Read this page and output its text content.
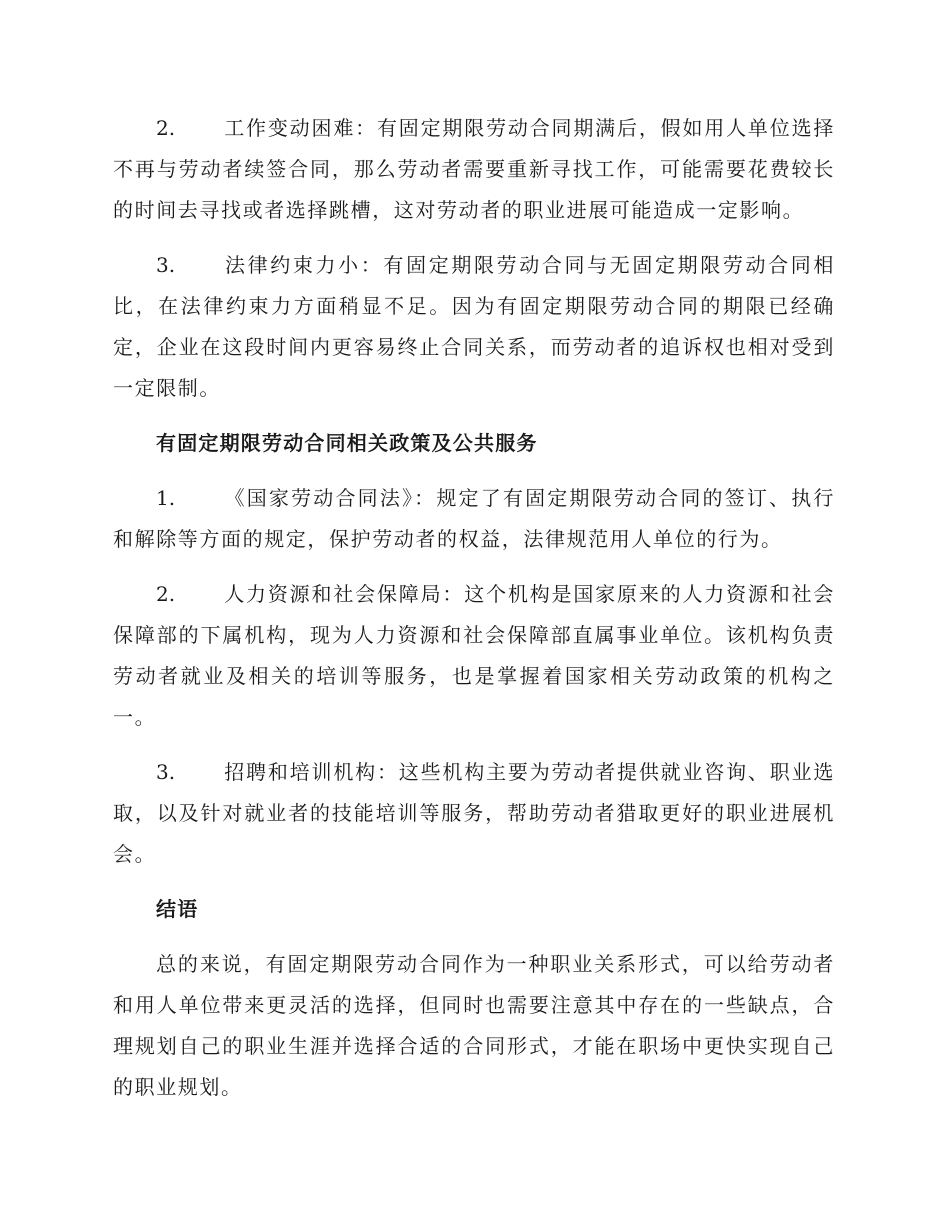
2. 工作变动困难：有固定期限劳动合同期满后，假如用人单位选择不再与劳动者续签合同，那么劳动者需要重新寻找工作，可能需要花费较长的时间去寻找或者选择跳槽，这对劳动者的职业进展可能造成一定影响。

3. 法律约束力小：有固定期限劳动合同与无固定期限劳动合同相比，在法律约束力方面稍显不足。因为有固定期限劳动合同的期限已经确定，企业在这段时间内更容易终止合同关系，而劳动者的追诉权也相对受到一定限制。

有固定期限劳动合同相关政策及公共服务

1. 《国家劳动合同法》：规定了有固定期限劳动合同的签订、执行和解除等方面的规定，保护劳动者的权益，法律规范用人单位的行为。

2. 人力资源和社会保障局：这个机构是国家原来的人力资源和社会保障部的下属机构，现为人力资源和社会保障部直属事业单位。该机构负责劳动者就业及相关的培训等服务，也是掌握着国家相关劳动政策的机构之一。

3. 招聘和培训机构：这些机构主要为劳动者提供就业咨询、职业选取，以及针对就业者的技能培训等服务，帮助劳动者猎取更好的职业进展机会。

结语

总的来说，有固定期限劳动合同作为一种职业关系形式，可以给劳动者和用人单位带来更灵活的选择，但同时也需要注意其中存在的一些缺点，合理规划自己的职业生涯并选择合适的合同形式，才能在职场中更快实现自己的职业规划。
